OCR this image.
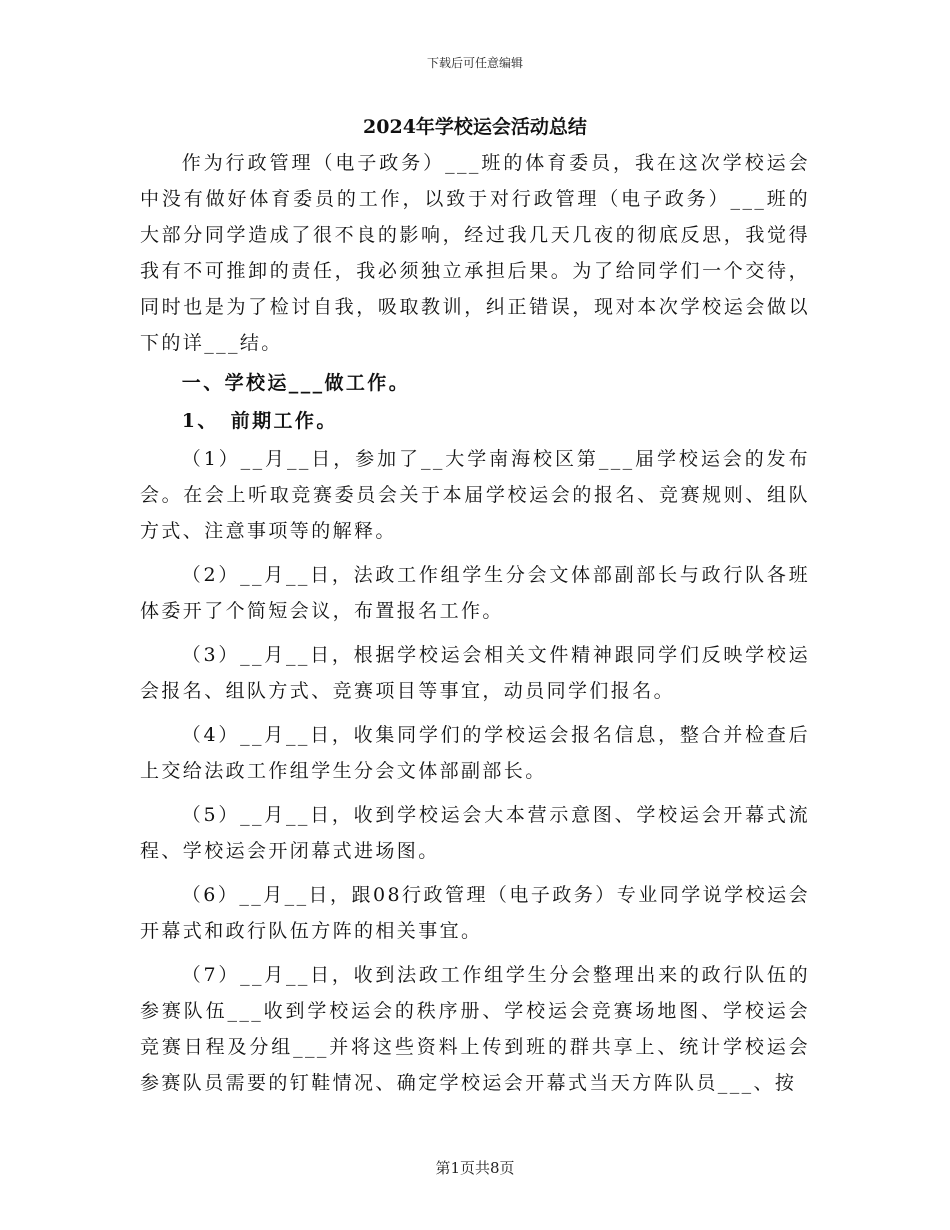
下载后可任意编辑
2024年学校运会活动总结

作为行政管理（电子政务）___班的体育委员，我在这次学校运会中没有做好体育委员的工作，以致于对行政管理（电子政务）___班的大部分同学造成了很不良的影响，经过我几天几夜的彻底反思，我觉得我有不可推卸的责任，我必须独立承担后果。为了给同学们一个交待，同时也是为了检讨自我，吸取教训，纠正错误，现对本次学校运会做以下的详___结。

一、学校运___做工作。

1、　前期工作。

（1）__月__日，参加了__大学南海校区第___届学校运会的发布会。在会上听取竞赛委员会关于本届学校运会的报名、竞赛规则、组队方式、注意事项等的解释。

（2）__月__日，法政工作组学生分会文体部副部长与政行队各班体委开了个简短会议，布置报名工作。

（3）__月__日，根据学校运会相关文件精神跟同学们反映学校运会报名、组队方式、竞赛项目等事宜，动员同学们报名。

（4）__月__日，收集同学们的学校运会报名信息，整合并检查后上交给法政工作组学生分会文体部副部长。

（5）__月__日，收到学校运会大本营示意图、学校运会开幕式流程、学校运会开闭幕式进场图。

（6）__月__日，跟08行政管理（电子政务）专业同学说学校运会开幕式和政行队伍方阵的相关事宜。

（7）__月__日，收到法政工作组学生分会整理出来的政行队伍的参赛队伍___收到学校运会的秩序册、学校运会竞赛场地图、学校运会竞赛日程及分组___并将这些资料上传到班的群共享上、统计学校运会参赛队员需要的钉鞋情况、确定学校运会开幕式当天方阵队员___、按

第1页共8页
